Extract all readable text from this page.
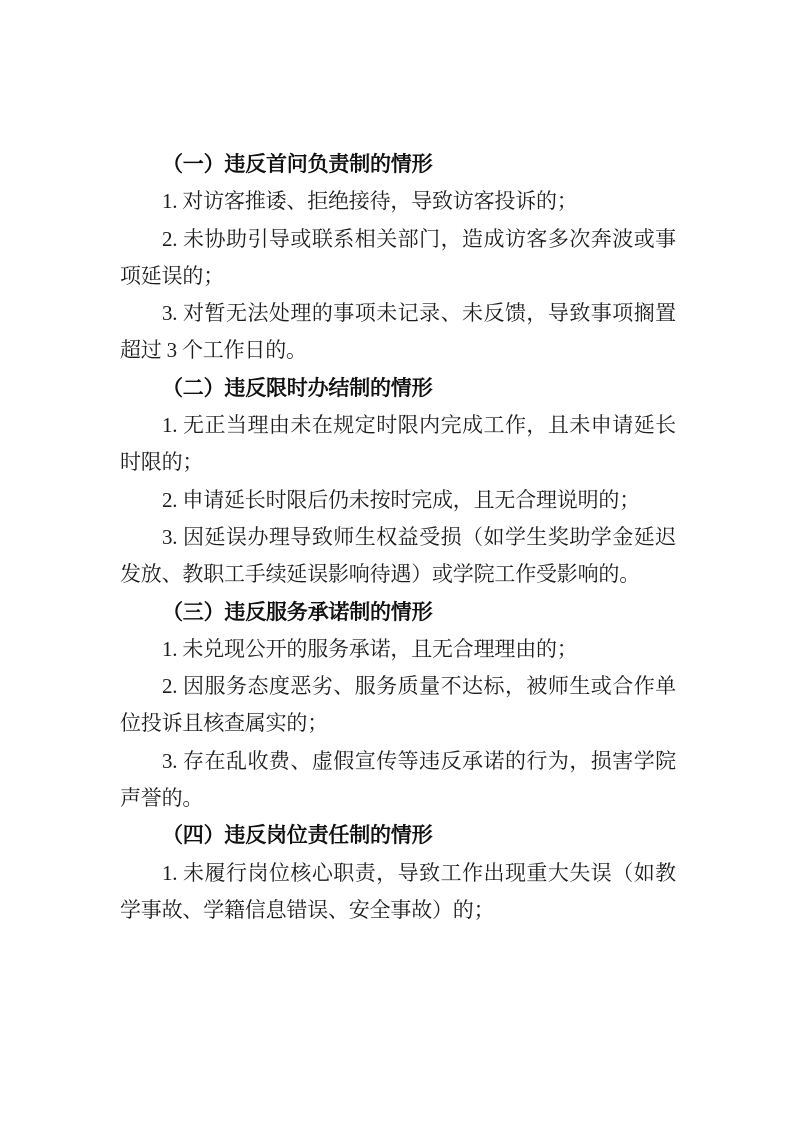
（一）违反首问负责制的情形

1. 对访客推诿、拒绝接待，导致访客投诉的；

2. 未协助引导或联系相关部门，造成访客多次奔波或事项延误的；

3. 对暂无法处理的事项未记录、未反馈，导致事项搁置超过 3 个工作日的。

（二）违反限时办结制的情形

1. 无正当理由未在规定时限内完成工作，且未申请延长时限的；

2. 申请延长时限后仍未按时完成，且无合理说明的；

3. 因延误办理导致师生权益受损（如学生奖助学金延迟发放、教职工手续延误影响待遇）或学院工作受影响的。

（三）违反服务承诺制的情形

1. 未兑现公开的服务承诺，且无合理理由的；

2. 因服务态度恶劣、服务质量不达标，被师生或合作单位投诉且核查属实的；

3. 存在乱收费、虚假宣传等违反承诺的行为，损害学院声誉的。

（四）违反岗位责任制的情形

1. 未履行岗位核心职责，导致工作出现重大失误（如教学事故、学籍信息错误、安全事故）的；
